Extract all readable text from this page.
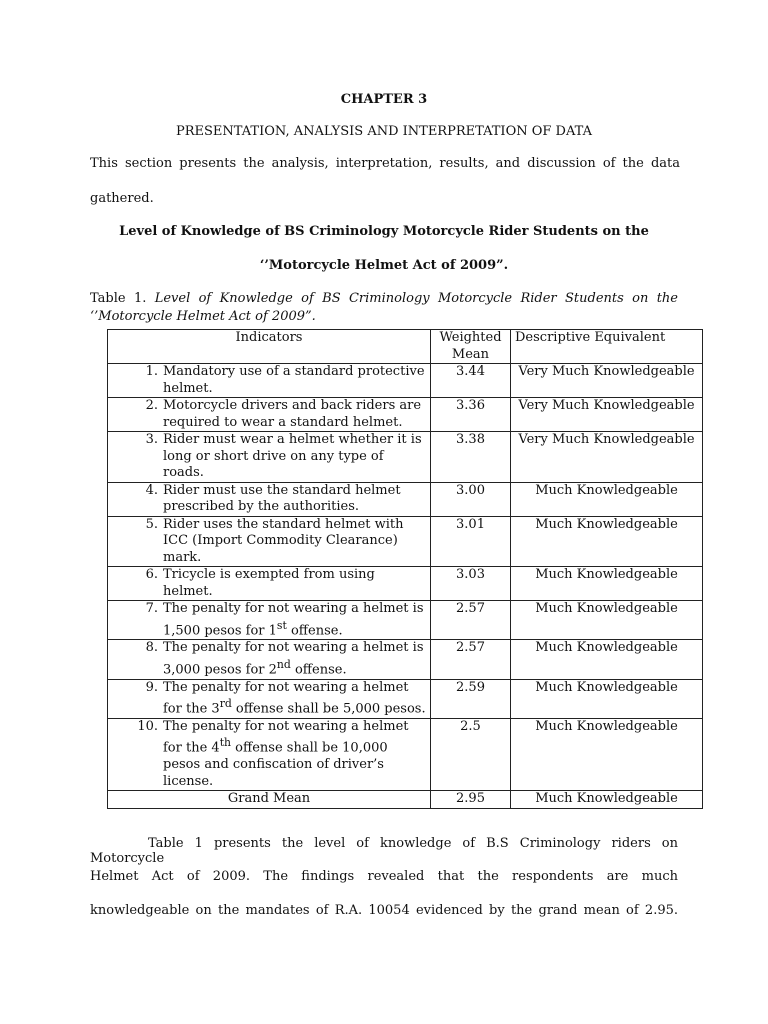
CHAPTER 3
PRESENTATION, ANALYSIS AND INTERPRETATION OF DATA
This section presents the analysis, interpretation, results, and discussion of the data
gathered.
Level of Knowledge of BS Criminology Motorcycle Rider Students on the
‘’Motorcycle Helmet Act of 2009”.
Table 1. Level of Knowledge of BS Criminology Motorcycle Rider Students on the ‘’Motorcycle Helmet Act of 2009”.
Indicators	Weighted Mean	Descriptive Equivalent

1. Mandatory use of a standard protective helmet.	3.44	Very Much Knowledgeable

2. Motorcycle drivers and back riders are required to wear a standard helmet.	3.36	Very Much Knowledgeable

3. Rider must wear a helmet whether it is long or short drive on any type of roads.	3.38	Very Much Knowledgeable

4. Rider must use the standard helmet prescribed by the authorities.	3.00	Much Knowledgeable

5. Rider uses the standard helmet with ICC (Import Commodity Clearance) mark.	3.01	Much Knowledgeable

6. Tricycle is exempted from using helmet.	3.03	Much Knowledgeable

7. The penalty for not wearing a helmet is 1,500 pesos for 1st offense.	2.57	Much Knowledgeable

8. The penalty for not wearing a helmet is 3,000 pesos for 2nd offense.	2.57	Much Knowledgeable

9. The penalty for not wearing a helmet for the 3rd offense shall be 5,000 pesos.	2.59	Much Knowledgeable

10. The penalty for not wearing a helmet for the 4th offense shall be 10,000 pesos and confiscation of driver’s license.	2.5	Much Knowledgeable
Grand Mean	2.95	Much Knowledgeable
Table 1 presents the level of knowledge of B.S Criminology riders on Motorcycle
Helmet Act of 2009. The findings revealed that the respondents are much
knowledgeable on the mandates of R.A. 10054 evidenced by the grand mean of 2.95.
